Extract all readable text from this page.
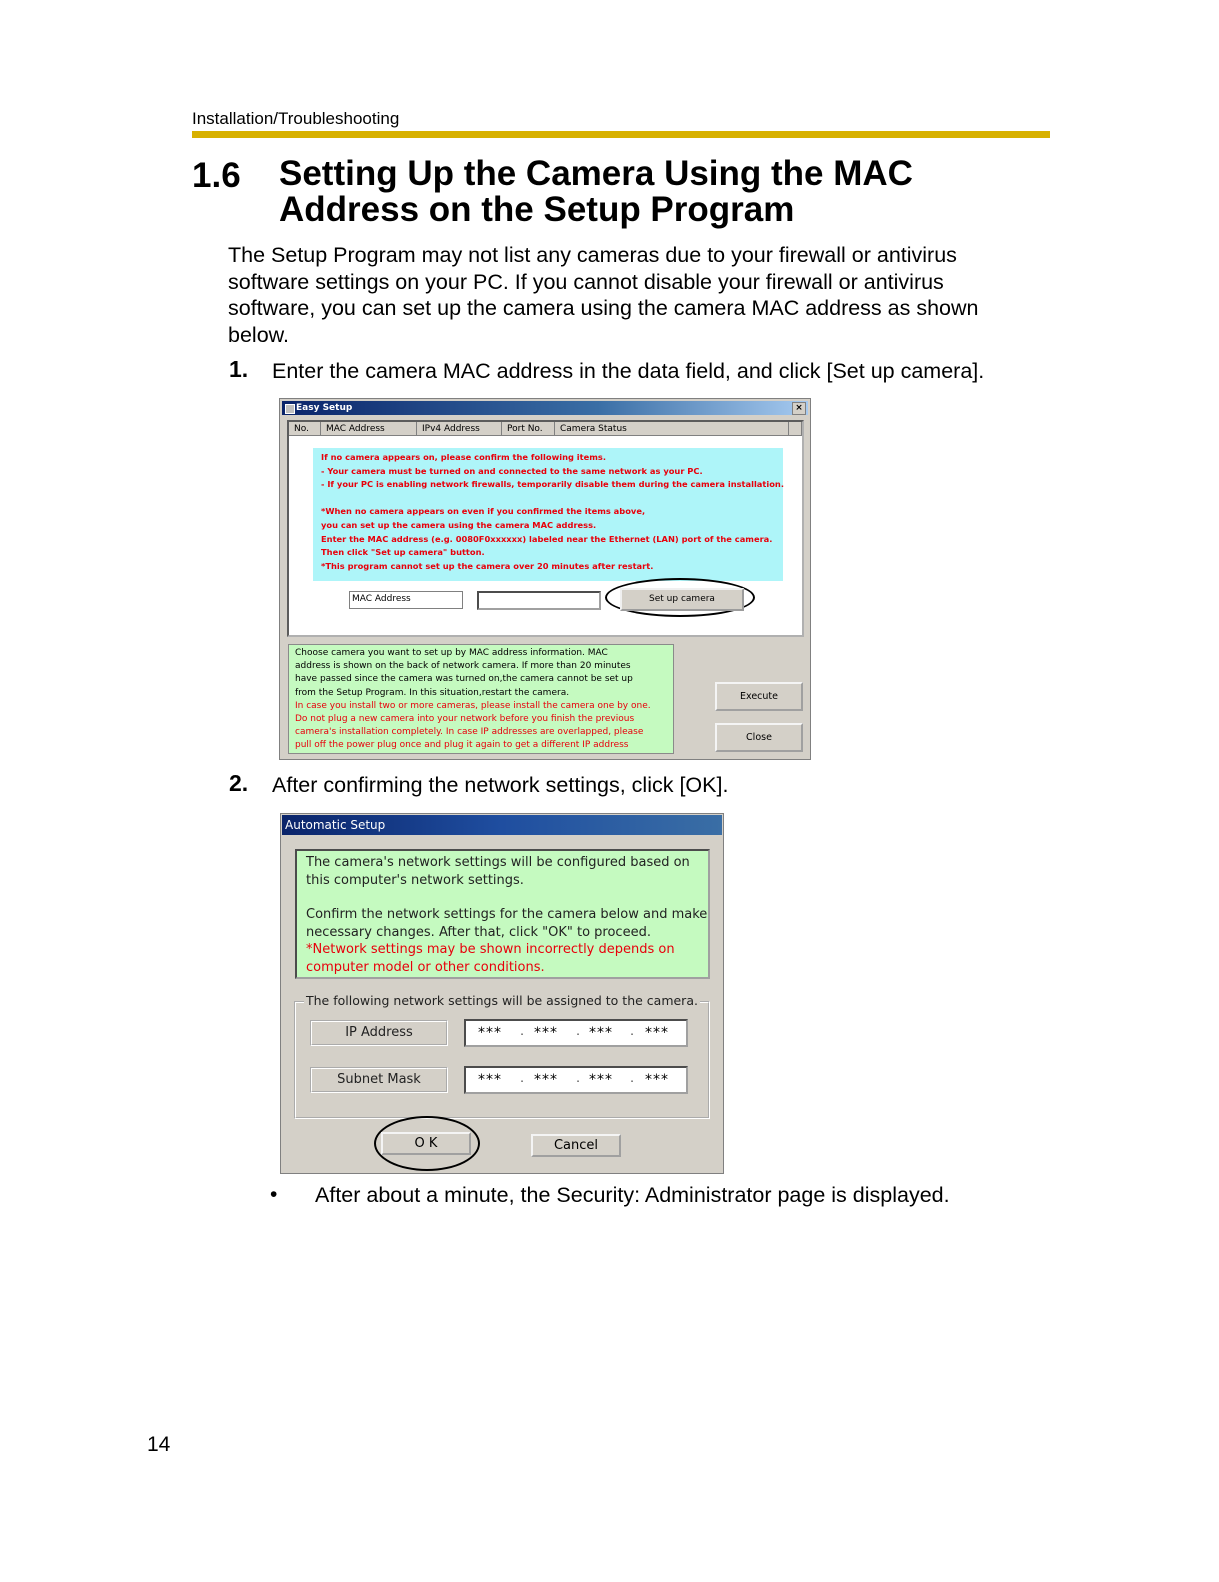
Installation/Troubleshooting
1.6 Setting Up the Camera Using the MAC
Address on the Setup Program
The Setup Program may not list any cameras due to your firewall or antivirus
software settings on your PC. If you cannot disable your firewall or antivirus
software, you can set up the camera using the camera MAC address as shown
below.
1. Enter the camera MAC address in the data field, and click [Set up camera].
Easy Setup	×
No.	MAC Address	IPv4 Address	Port No.	Camera Status
If no camera appears on, please confirm the following items.
- Your camera must be turned on and connected to the same network as your PC.
- If your PC is enabling network firewalls, temporarily disable them during the camera installation.
*When no camera appears on even if you confirmed the items above,
you can set up the camera using the camera MAC address.
Enter the MAC address (e.g. 0080F0xxxxxx) labeled near the Ethernet (LAN) port of the camera.
Then click "Set up camera" button.
*This program cannot set up the camera over 20 minutes after restart.
MAC Address	Set up camera
Choose camera you want to set up by MAC address information. MAC
address is shown on the back of network camera. If more than 20 minutes
have passed since the camera was turned on,the camera cannot be set up
from the Setup Program. In this situation,restart the camera.
In case you install two or more cameras, please install the camera one by one.
Do not plug a new camera into your network before you finish the previous
camera's installation completely. In case IP addresses are overlapped, please
pull off the power plug once and plug it again to get a different IP address
Execute
Close
2. After confirming the network settings, click [OK].
Automatic Setup
The camera's network settings will be configured based on
this computer's network settings.
Confirm the network settings for the camera below and make
necessary changes. After that, click "OK" to proceed.
*Network settings may be shown incorrectly depends on
computer model or other conditions.
The following network settings will be assigned to the camera.
IP Address	***	. ***	. ***	. ***
Subnet Mask	***	. ***	. ***	. ***
O K	Cancel
• After about a minute, the Security: Administrator page is displayed.
14
